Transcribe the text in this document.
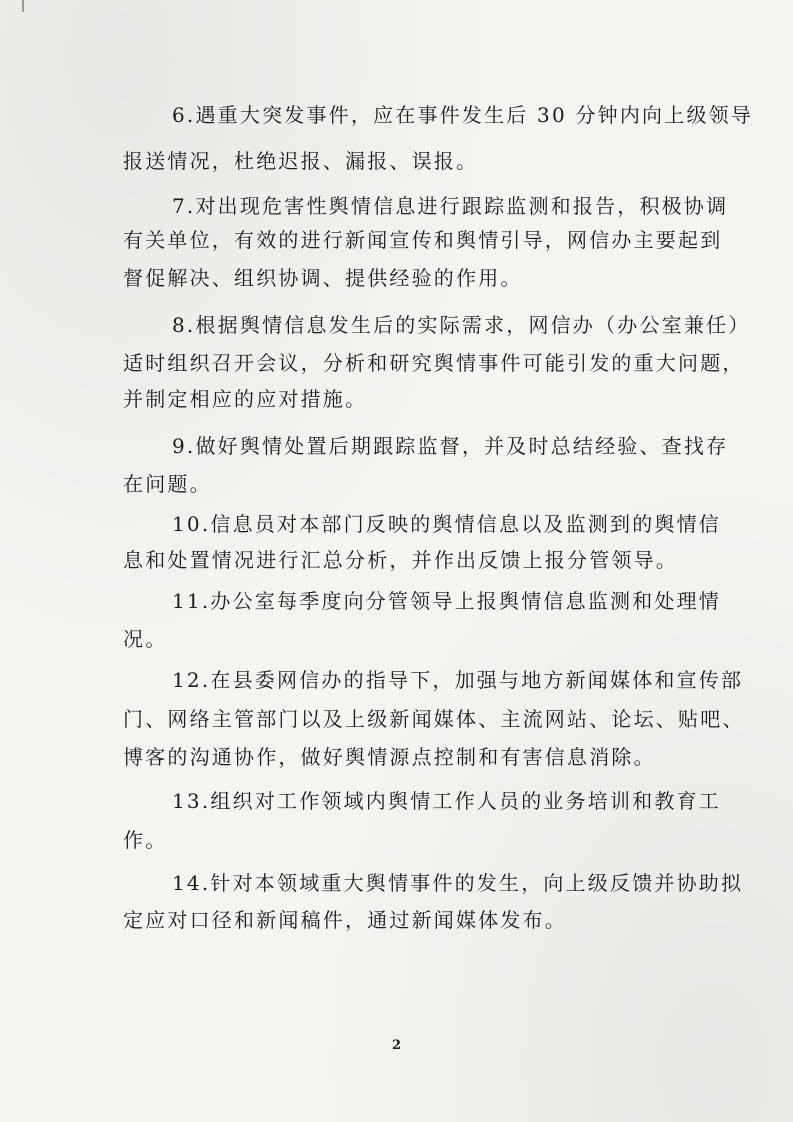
6.遇重大突发事件，应在事件发生后 30 分钟内向上级领导
报送情况，杜绝迟报、漏报、误报。
7.对出现危害性舆情信息进行跟踪监测和报告，积极协调
有关单位，有效的进行新闻宣传和舆情引导，网信办主要起到
督促解决、组织协调、提供经验的作用。
8.根据舆情信息发生后的实际需求，网信办（办公室兼任）
适时组织召开会议，分析和研究舆情事件可能引发的重大问题，
并制定相应的应对措施。
9.做好舆情处置后期跟踪监督，并及时总结经验、查找存
在问题。
10.信息员对本部门反映的舆情信息以及监测到的舆情信
息和处置情况进行汇总分析，并作出反馈上报分管领导。
11.办公室每季度向分管领导上报舆情信息监测和处理情
况。
12.在县委网信办的指导下，加强与地方新闻媒体和宣传部
门、网络主管部门以及上级新闻媒体、主流网站、论坛、贴吧、
博客的沟通协作，做好舆情源点控制和有害信息消除。
13.组织对工作领域内舆情工作人员的业务培训和教育工
作。
14.针对本领域重大舆情事件的发生，向上级反馈并协助拟
定应对口径和新闻稿件，通过新闻媒体发布。
2
